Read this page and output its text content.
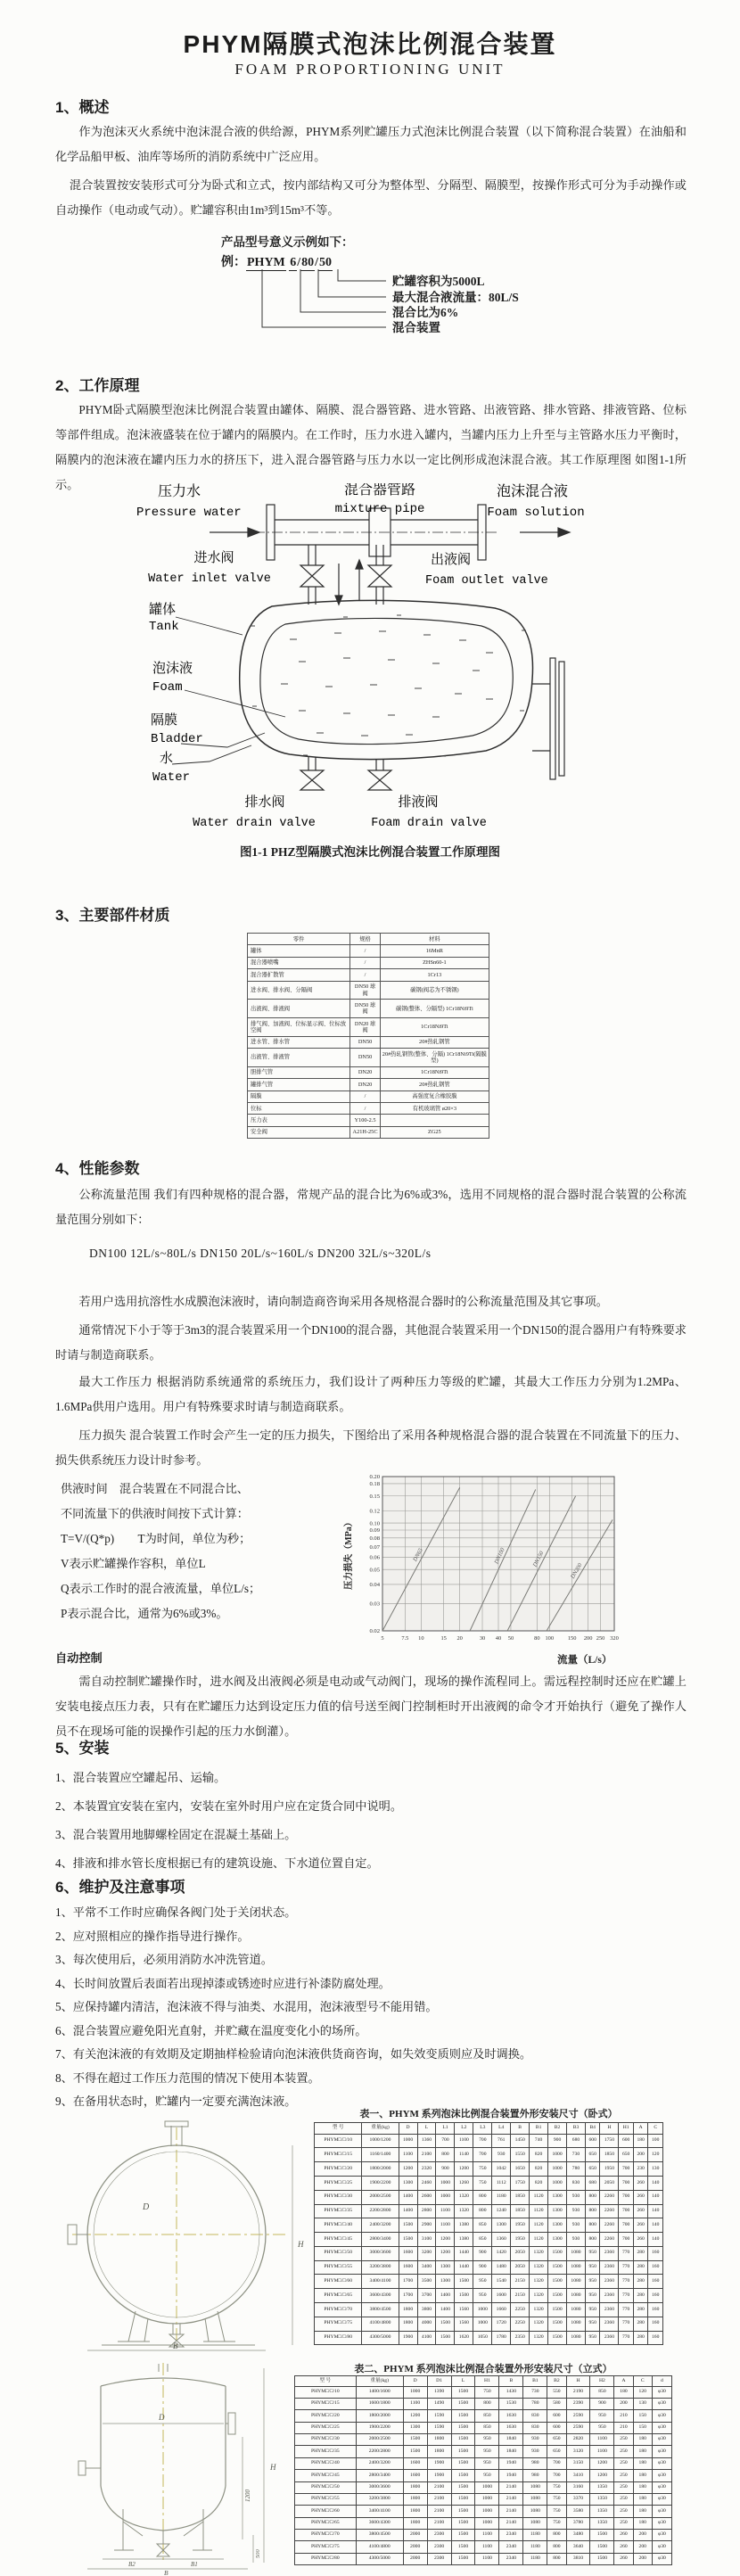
PHYM隔膜式泡沫比例混合装置
FOAM PROPORTIONING UNIT
1、概述
作为泡沫灭火系统中泡沫混合液的供给源，PHYM系列贮罐压力式泡沫比例混合装置（以下简称混合装置）在油船和化学品船甲板、油库等场所的消防系统中广泛应用。
混合装置按安装形式可分为卧式和立式，按内部结构又可分为整体型、分隔型、隔膜型，按操作形式可分为手动操作或自动操作（电动或气动）。贮罐容积由1m³到15m³不等。
产品型号意义示例如下：
例：PHYM 6/80/50
贮罐容积为5000L
最大混合液流量：80L/S
混合比为6%
混合装置
2、工作原理
PHYM卧式隔膜型泡沫比例混合装置由罐体、隔膜、混合器管路、进水管路、出液管路、排水管路、排液管路、位标等部件组成。泡沫液盛装在位于罐内的隔膜内。在工作时，压力水进入罐内，当罐内压力上升至与主管路水压力平衡时，隔膜内的泡沫液在罐内压力水的挤压下，进入混合器管路与压力水以一定比例形成泡沫混合液。其工作原理图 如图1-1所示。	压力水
Pressure water
混合器管路
mixture pipe
泡沫混合液
Foam solution
进水阀
Water inlet valve
出液阀
Foam outlet valve
罐体
Tank
泡沫液
Foam
隔膜
Bladder
水
Water
排水阀
Water drain valve
排液阀
Foam drain valve
图1-1 PHZ型隔膜式泡沫比例混合装置工作原理图
3、主要部件材质
零件	规格	材料
罐体	/	16MnR
混合器喷嘴	/	ZHSn60-1
混合器扩散管	/	1Cr13
进水阀、排水阀、分隔阀	DN50 球阀	碳钢(阀芯为不锈钢)
出液阀、排液阀	DN50 球阀	碳钢(整体、分隔型) 1Cr18Ni9Ti
排气阀、加液阀、位标显示阀、位标放空阀	DN20 球阀	1Cr18Ni9Ti
进水管、排水管	DN50	20#热轧钢管
出液管、排液管	DN50	20#热轧钢管(整体、分隔) 1Cr18Ni9Ti(隔膜型)
胆排气管	DN20	1Cr18Ni9Ti
罐排气管	DN20	20#热轧钢管
隔膜	/	高强度复合橡胶膜
位标	/	有机玻璃管 ø20×3
压力表	Y100-2.5	
安全阀	A21H-25C	ZG25
4、性能参数
公称流量范围 我们有四种规格的混合器，常规产品的混合比为6%或3%，选用不同规格的混合器时混合装置的公称流量范围分别如下：
DN100 12L/s~80L/s DN150 20L/s~160L/s DN200 32L/s~320L/s
若用户选用抗溶性水成膜泡沫液时，请向制造商咨询采用各规格混合器时的公称流量范围及其它事项。
通常情况下小于等于3m3的混合装置采用一个DN100的混合器，其他混合装置采用一个DN150的混合器用户有特殊要求时请与制造商联系。
最大工作压力 根据消防系统通常的系统压力，我们设计了两种压力等级的贮罐，其最大工作压力分别为1.2MPa、1.6MPa供用户选用。用户有特殊要求时请与制造商联系。
压力损失 混合装置工作时会产生一定的压力损失，下图给出了采用各种规格混合器的混合装置在不同流量下的压力、损失供系统压力设计时参考。

供液时间　混合装置在不同混合比、

不同流量下的供液时间按下式计算：

T=V/(Q*p)　　T为时间，单位为秒；

V表示贮罐操作容积，单位L

Q表示工作时的混合液流量，单位L/s；

P表示混合比，通常为6%或3%。

5	7.5 10	15 20	30 40 50	80 100 150 200 250 320
0.02
0.03
0.04
0.05
0.06
0.07
0.08
0.09
0.10
0.12
0.15
0.18
0.20
DN65	DN100	DN150
DN200
压力损失（MPa）
流量（L/s）
自动控制
需自动控制贮罐操作时，进水阀及出液阀必须是电动或气动阀门，现场的操作流程同上。需远程控制时还应在贮罐上安装电接点压力表，只有在贮罐压力达到设定压力值的信号送至阀门控制柜时开出液阀的命令才开始执行（避免了操作人员不在现场可能的误操作引起的压力水倒灌）。
5、安装

1、混合装置应空罐起吊、运输。

2、本装置宜安装在室内，安装在室外时用户应在定货合同中说明。

3、混合装置用地脚螺栓固定在混凝土基础上。

4、排液和排水管长度根据已有的建筑设施、下水道位置自定。

6、维护及注意事项

1、平常不工作时应确保各阀门处于关闭状态。

2、应对照相应的操作指导进行操作。

3、每次使用后，必须用消防水冲洗管道。

4、长时间放置后表面若出现掉漆或锈迹时应进行补漆防腐处理。

5、应保持罐内清洁，泡沫液不得与油类、水混用，泡沫液型号不能用错。

6、混合装置应避免阳光直射，并贮藏在温度变化小的场所。

7、有关泡沫液的有效期及定期抽样检验请向泡沫液供货商咨询，如失效变质则应及时调换。

8、不得在超过工作压力范围的情况下使用本装置。

9、在备用状态时，贮罐内一定要充满泡沫液。

表一、PHYM 系列泡沫比例混合装置外形安装尺寸（卧式）
型 号	重量(kg)	D	L	L1	L2	L3	L4	B	B1	B2	B3	B4	H	H1	A	C
PHYM□/□/10	1000/1200	1000	1360	700	1100	700	761	1450	740	900	680	600	1750	600	180	100
PHYM□/□/15	1160/1400	1100	2100	800	1140	700	930	1550	820	1000	730	650	1850	650	200	120
PHYM□/□/20	1800/2000	1200	2320	900	1200	750	1042	1650	820	1000	780	650	1950	700	230	130
PHYM□/□/25	1900/2200	1300	2460	1000	1260	750	1112	1750	820	1000	830	680	2050	700	260	140
PHYM□/□/30	2000/2500	1400	2600	1000	1320	800	1180	1850	1120	1300	930	800	2260	700	260	140
PHYM□/□/35	2200/2800	1400	2800	1100	1320	800	1240	1850	1120	1300	930	800	2260	700	260	140
PHYM□/□/40	2400/3200	1500	2900	1100	1380	850	1300	1950	1120	1300	930	800	2260	700	260	140
PHYM□/□/45	2800/3400	1500	3100	1200	1380	850	1360	1950	1120	1300	930	800	2260	700	260	140
PHYM□/□/50	3000/3600	1600	3200	1200	1440	900	1420	2050	1320	1500	1080	950	2360	770	280	160
PHYM□/□/55	3200/3800	1600	3400	1300	1440	900	1480	2050	1320	1500	1080	950	2360	770	280	160
PHYM□/□/60	3400/4100	1700	3500	1300	1500	950	1540	2150	1320	1500	1080	950	2360	770	280	160
PHYM□/□/65	3600/4300	1700	3700	1400	1500	950	1600	2150	1320	1500	1080	950	2360	770	280	160
PHYM□/□/70	3800/4500	1800	3800	1400	1560	1000	1660	2250	1320	1500	1080	950	2360	770	280	160
PHYM□/□/75	4100/4800	1800	4000	1500	1560	1000	1720	2250	1320	1500	1080	950	2360	770	280	160
PHYM□/□/80	4300/5000	1900	4100	1500	1620	1050	1780	2350	1320	1500	1080	950	2360	770	280	160
D
H
B
表二、PHYM 系列泡沫比例混合装置外形安装尺寸（立式）
型 号	重量(kg)	D	D1	L	H1	B	B1	B2	H	H2	A	C	d
PHYM□/□/10	1400/1600	1000	1390	1500	750	1430	730	550	2190	850	180	120	φ30
PHYM□/□/15	1600/1800	1100	1490	1500	800	1530	780	580	2390	900	200	130	φ30
PHYM□/□/20	1800/2000	1200	1590	1500	850	1630	830	600	2590	950	210	150	φ30
PHYM□/□/25	1900/2200	1300	1590	1500	850	1630	830	600	2590	950	210	150	φ30
PHYM□/□/30	2000/2500	1500	1800	1500	950	1840	930	650	2820	1100	250	180	φ30
PHYM□/□/35	2200/2800	1500	1800	1500	950	1840	930	650	3120	1100	250	180	φ30
PHYM□/□/40	2400/3200	1600	1900	1500	950	1940	980	700	3150	1200	250	180	φ30
PHYM□/□/45	2800/3400	1600	1900	1500	950	1940	980	700	3410	1200	250	180	φ30
PHYM□/□/50	3000/3600	1800	2100	1500	1000	2140	1080	750	3160	1350	250	180	φ30
PHYM□/□/55	3200/3800	1800	2100	1500	1000	2140	1080	750	3370	1350	250	180	φ30
PHYM□/□/60	3400/4100	1800	2100	1500	1000	2140	1080	750	3580	1350	250	180	φ30
PHYM□/□/65	3600/4300	1800	2100	1500	1000	2140	1080	750	3780	1350	250	180	φ30
PHYM□/□/70	3800/4500	2000	2300	1500	1100	2340	1180	800	3480	1500	260	200	φ30
PHYM□/□/75	4100/4800	2000	2300	1500	1100	2340	1180	800	3640	1500	260	200	φ30
PHYM□/□/80	4300/5000	2000	2300	1500	1100	2340	1180	800	3810	1500	260	200	φ30
D
H
1200
500
B2	B1
B
